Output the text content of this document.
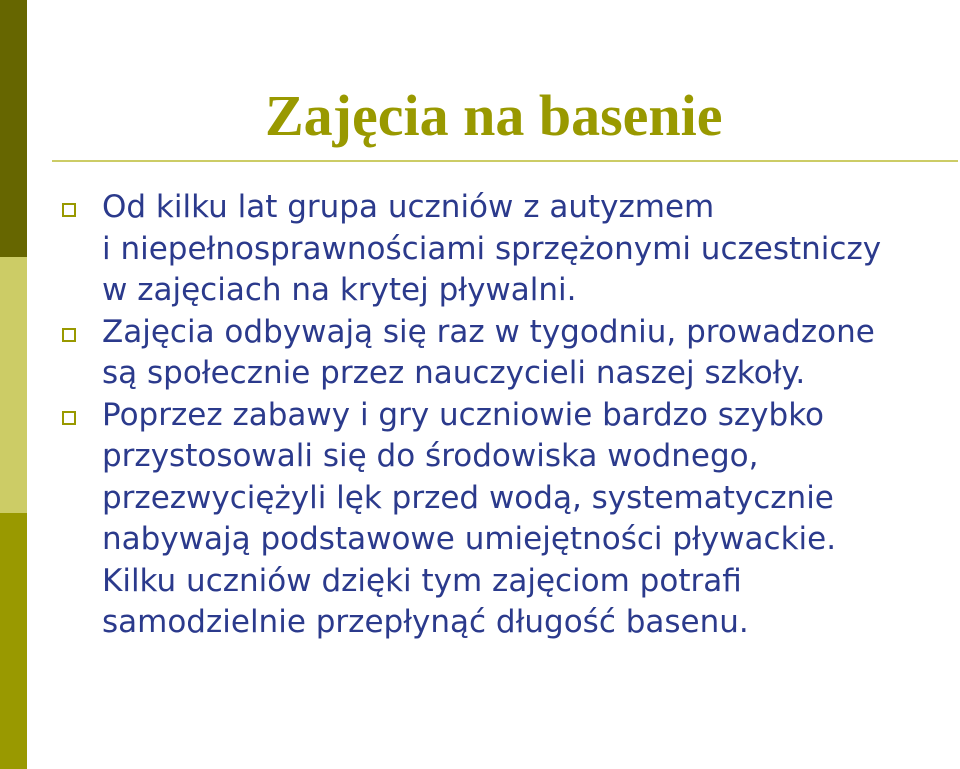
Zajęcia na basenie
Od kilku lat grupa uczniów z autyzmem
i niepełnosprawnościami sprzężonymi uczestniczy
w zajęciach na krytej pływalni.
Zajęcia odbywają się raz w tygodniu, prowadzone
są społecznie przez nauczycieli naszej szkoły.
Poprzez zabawy i gry uczniowie bardzo szybko
przystosowali się do środowiska wodnego,
przezwyciężyli lęk przed wodą, systematycznie
nabywają podstawowe umiejętności pływackie.
Kilku uczniów dzięki tym zajęciom potrafi
samodzielnie przepłynąć długość basenu.
